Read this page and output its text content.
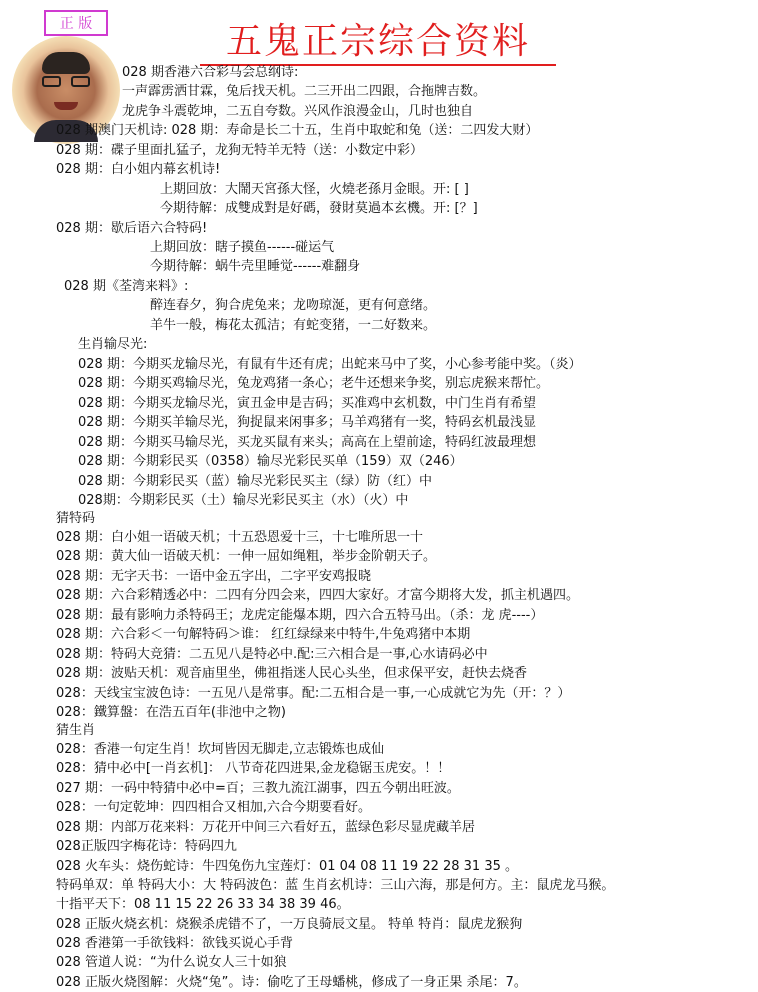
正 版	五鬼正宗综合资料
028 期香港六合彩马会总纲诗:
一声霹雳洒甘霖，兔后找天机。二三开出二四跟，合拖牌吉数。
龙虎争斗震乾坤，二五自夸数。兴风作浪漫金山，几时也独自
028 期澳门天机诗: 028 期：寿命是长二十五，生肖中取蛇和兔（送：二四发大财）
028 期：碟子里面扎猛子，龙狗无特羊无特（送：小数定中彩）
028 期：白小姐内幕玄机诗!
上期回放：大鬧天宮孫大怪，火燒老孫月金眼。开: [ ]
今期待解：成雙成對是好碼，發財莫過本玄機。开: [？]
028 期：歇后语六合特码!
上期回放：瞎子摸鱼------碰运气
今期待解：蜗牛壳里睡觉------难翻身
028 期《荃湾来料》:
醉连春夕，狗合虎兔来；龙吻琼涎，更有何意绪。
羊牛一般，梅花太孤洁；有蛇变猪，一二好数来。
生肖输尽光:
028 期：今期买龙输尽光，有鼠有牛还有虎；出蛇来马中了奖，小心参考能中奖。（炎）
028 期：今期买鸡输尽光，兔龙鸡猪一条心；老牛还想来争奖，别忘虎猴来帮忙。
028 期：今期买龙输尽光，寅丑金申是吉码；买准鸡中玄机数，中门生肖有希望
028 期：今期买羊输尽光，狗捉鼠来闲事多；马羊鸡猪有一奖，特码玄机最浅显
028 期：今期买马输尽光，买龙买鼠有来头；高高在上望前途，特码红波最理想
028 期：今期彩民买（0358）输尽光彩民买单（159）双（246）
028 期：今期彩民买（蓝）输尽光彩民买主（绿）防（红）中
028期：今期彩民买（土）输尽光彩民买主（水）（火）中
猜特码
028 期：白小姐一语破天机；十五恐恩爱十三，十七唯所思一十
028 期：黄大仙一语破天机：一伸一屈如绳粗，举步金阶朝天子。
028 期：无字天书：一语中金五字出，二字平安鸡报晓
028 期：六合彩精透必中：二四有分四会来，四四大家好。才富今期将大发，抓主机遇四。
028 期：最有影响力杀特码王；龙虎定能爆本期，四六合五特马出。（杀：龙 虎----）
028 期：六合彩＜一句解特码＞谁： 红红绿绿来中特牛,牛兔鸡猪中本期
028 期：特码大竞猜：二五见八是特必中.配:三六相合是一事,心水请码必中
028 期：波贴天机：观音庙里坐，佛祖指迷人民心头坐，但求保平安，赶快去烧香
028：天线宝宝波色诗：一五见八是常事。配:二五相合是一事,一心成就它为先（开：？）
028：鐵算盤：在浩五百年(非池中之物)
猜生肖
028：香港一句定生肖！坎坷皆因无脚走,立志锻炼也成仙
028：猜中必中[一肖玄机]： 八节奇花四进果,金龙稳锯玉虎安。！！
027 期：一码中特猜中必中=百；三教九流江湖事，四五今朝出旺波。
028：一句定乾坤：四四相合又相加,六合今期要看好。
028 期：内部万花来料：万花开中间三六看好五，蓝绿色彩尽显虎藏羊居
028正版四字梅花诗：特码四九
028 火车头：烧伤蛇诗：牛四兔伤九宝莲灯：01 04 08 11 19 22 28 31 35 。
特码单双：单 特码大小：大 特码波色：蓝 生肖玄机诗：三山六海，那是何方。主：鼠虎龙马猴。
十指平天下：08 11 15 22 26 33 34 38 39 46。
028 正版火烧玄机：烧猴杀虎错不了，一万良骑辰文星。 特单 特肖：鼠虎龙猴狗
028 香港第一手欲钱料：欲钱买说心手背
028 管道人说：“为什么说女人三十如狼
028 正版火烧图解：火烧“兔”。诗：偷吃了王母蟠桃，修成了一身正果 杀尾：7。
